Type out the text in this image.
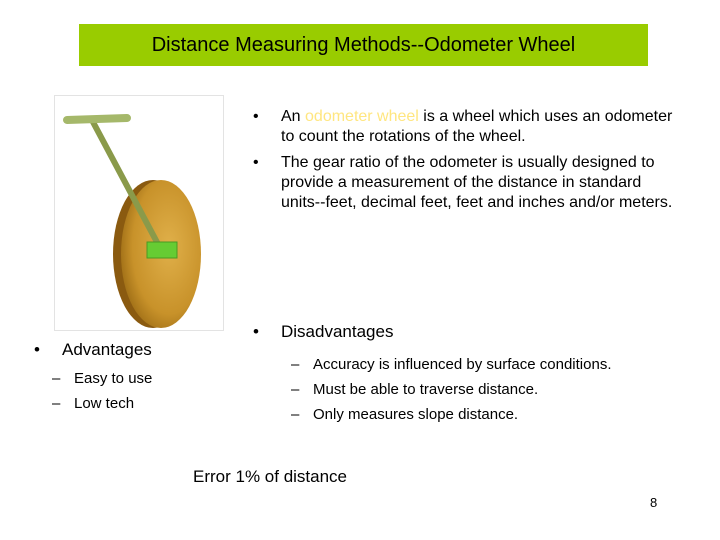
Distance Measuring Methods--Odometer Wheel
• An odometer wheel is a wheel which uses an odometer to count the rotations of the wheel.
• The gear ratio of the odometer is usually designed to provide a measurement of the distance in standard units--feet, decimal feet, feet and inches and/or meters.
• Advantages
– Easy to use
– Low tech
• Disadvantages
– Accuracy is influenced by surface conditions.
– Must be able to traverse distance.
– Only measures slope distance.
Error 1% of distance
8
